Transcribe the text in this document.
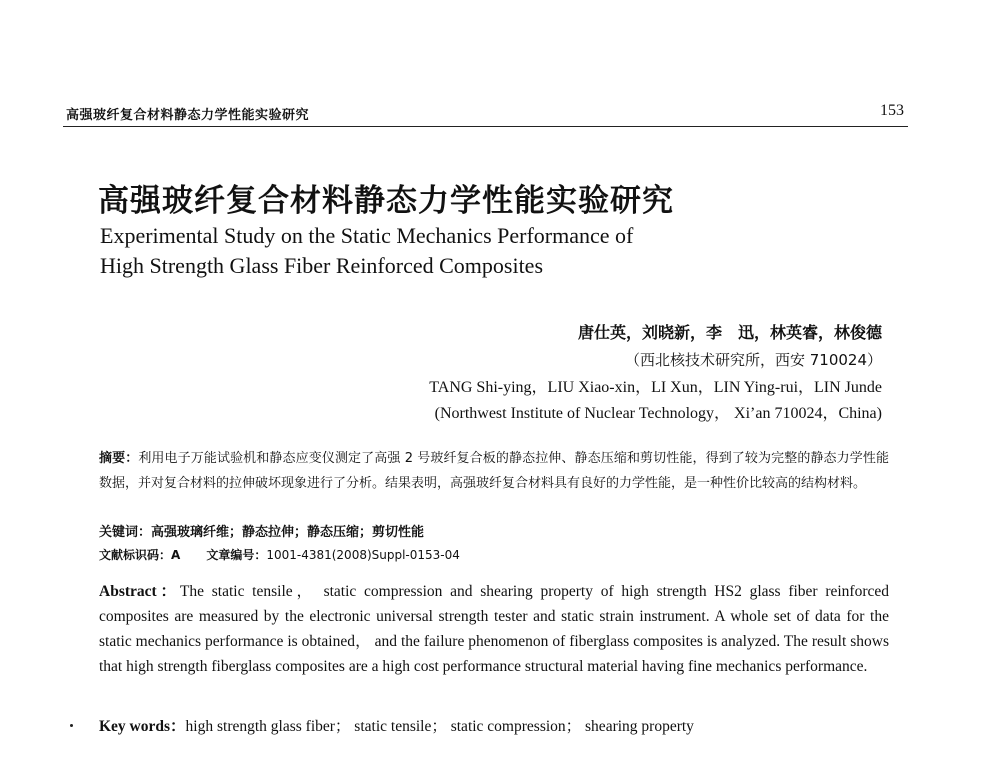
高强玻纤复合材料静态力学性能实验研究	153
高强玻纤复合材料静态力学性能实验研究
Experimental Study on the Static Mechanics Performance of
High Strength Glass Fiber Reinforced Composites
唐仕英，刘晓新，李　迅，林英睿，林俊德
（西北核技术研究所，西安 710024）
TANG Shi-ying，LIU Xiao-xin，LI Xun，LIN Ying-rui，LIN Junde
(Northwest Institute of Nuclear Technology， Xi’an 710024，China)
摘要：利用电子万能试验机和静态应变仪测定了高强 2 号玻纤复合板的静态拉伸、静态压缩和剪切性能，得到了较为完整的静态力学性能数据，并对复合材料的拉伸破坏现象进行了分析。结果表明，高强玻纤复合材料具有良好的力学性能，是一种性价比较高的结构材料。
关键词：高强玻璃纤维；静态拉伸；静态压缩；剪切性能
文献标识码：A 文章编号：1001-4381(2008)Suppl-0153-04
Abstract：The static tensile， static compression and shearing property of high strength HS2 glass fiber reinforced composites are measured by the electronic universal strength tester and static strain instrument. A whole set of data for the static mechanics performance is obtained， and the failure phenomenon of fiberglass composites is analyzed. The result shows that high strength fiberglass composites are a high cost performance structural material having fine mechanics performance.
Key words：high strength glass fiber； static tensile； static compression； shearing property
